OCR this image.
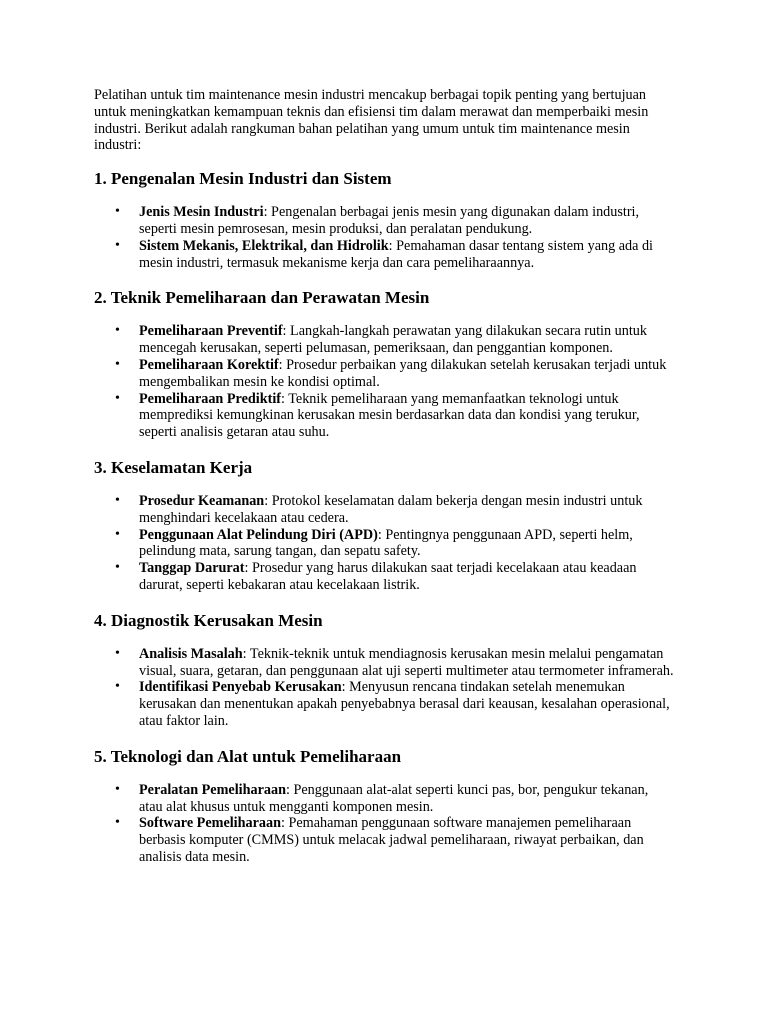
Pelatihan untuk tim maintenance mesin industri mencakup berbagai topik penting yang bertujuan untuk meningkatkan kemampuan teknis dan efisiensi tim dalam merawat dan memperbaiki mesin industri. Berikut adalah rangkuman bahan pelatihan yang umum untuk tim maintenance mesin industri:

1. Pengenalan Mesin Industri dan Sistem
• Jenis Mesin Industri: Pengenalan berbagai jenis mesin yang digunakan dalam industri, seperti mesin pemrosesan, mesin produksi, dan peralatan pendukung.
• Sistem Mekanis, Elektrikal, dan Hidrolik: Pemahaman dasar tentang sistem yang ada di mesin industri, termasuk mekanisme kerja dan cara pemeliharaannya.
2. Teknik Pemeliharaan dan Perawatan Mesin
• Pemeliharaan Preventif: Langkah-langkah perawatan yang dilakukan secara rutin untuk mencegah kerusakan, seperti pelumasan, pemeriksaan, dan penggantian komponen.
• Pemeliharaan Korektif: Prosedur perbaikan yang dilakukan setelah kerusakan terjadi untuk mengembalikan mesin ke kondisi optimal.
• Pemeliharaan Prediktif: Teknik pemeliharaan yang memanfaatkan teknologi untuk memprediksi kemungkinan kerusakan mesin berdasarkan data dan kondisi yang terukur, seperti analisis getaran atau suhu.
3. Keselamatan Kerja
• Prosedur Keamanan: Protokol keselamatan dalam bekerja dengan mesin industri untuk menghindari kecelakaan atau cedera.
• Penggunaan Alat Pelindung Diri (APD): Pentingnya penggunaan APD, seperti helm, pelindung mata, sarung tangan, dan sepatu safety.
• Tanggap Darurat: Prosedur yang harus dilakukan saat terjadi kecelakaan atau keadaan darurat, seperti kebakaran atau kecelakaan listrik.
4. Diagnostik Kerusakan Mesin
• Analisis Masalah: Teknik-teknik untuk mendiagnosis kerusakan mesin melalui pengamatan visual, suara, getaran, dan penggunaan alat uji seperti multimeter atau termometer inframerah.
• Identifikasi Penyebab Kerusakan: Menyusun rencana tindakan setelah menemukan kerusakan dan menentukan apakah penyebabnya berasal dari keausan, kesalahan operasional, atau faktor lain.
5. Teknologi dan Alat untuk Pemeliharaan
• Peralatan Pemeliharaan: Penggunaan alat-alat seperti kunci pas, bor, pengukur tekanan, atau alat khusus untuk mengganti komponen mesin.
• Software Pemeliharaan: Pemahaman penggunaan software manajemen pemeliharaan berbasis komputer (CMMS) untuk melacak jadwal pemeliharaan, riwayat perbaikan, dan analisis data mesin.
